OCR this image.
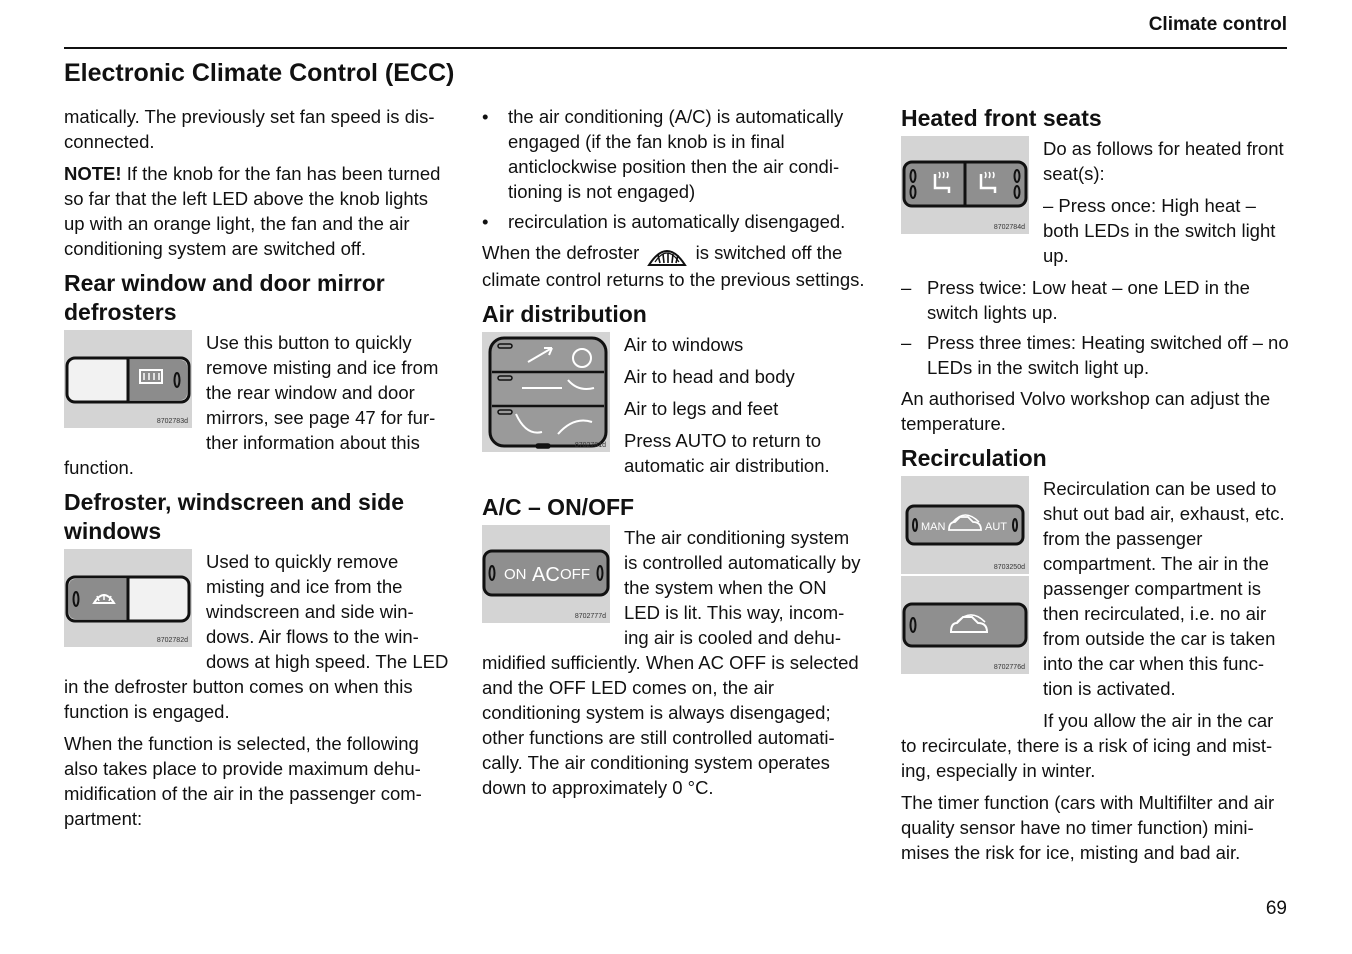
Climate control
Electronic Climate Control (ECC)

matically. The previously set fan speed is dis-connected.

NOTE! If the knob for the fan has been turned so far that the left LED above the knob lights up with an orange light, the fan and the air conditioning system are switched off.

Rear window and door mirror defrosters
8702783d
Use this button to quickly remove misting and ice from the rear window and door mirrors, see page 47 for fur-ther information about this function.
Defroster, windscreen and side windows
8702782d
Used to quickly remove misting and ice from the windscreen and side win-dows. Air flows to the win-dows at high speed. The LED in the defroster button comes on when this function is engaged.

When the function is selected, the following also takes place to provide maximum dehu-midification of the air in the passenger com-partment:

• the air conditioning (A/C) is automatically engaged (if the fan knob is in final anticlockwise position then the air condi-tioning is not engaged)
• recirculation is automatically disengaged.

When the defroster  is switched off the climate control returns to the previous settings.

Air distribution
8702781d

Air to windows

Air to head and body

Air to legs and feet

Press AUTO to return to automatic air distribution.

A/C – ON/OFF
ON AC OFF
8702777d
The air conditioning system is controlled automatically by the system when the ON LED is lit. This way, incom-ing air is cooled and dehu-midified sufficiently. When AC OFF is selected and the OFF LED comes on, the air conditioning system is always disengaged; other functions are still controlled automati-cally. The air conditioning system operates down to approximately 0 °C.
Heated front seats
8702784d

Do as follows for heated front seat(s):

– Press once: High heat – both LEDs in the switch light up.

– Press twice: Low heat – one LED in the switch lights up.
– Press three times: Heating switched off – no LEDs in the switch light up.

An authorised Volvo workshop can adjust the temperature.

Recirculation
MAN	AUT
8703250d
8702776d
Recirculation can be used to shut out bad air, exhaust, etc. from the passenger compartment. The air in the passenger compartment is then recirculated, i.e. no air from outside the car is taken into the car when this func-tion is activated.
If you allow the air in the car to recirculate, there is a risk of icing and mist-ing, especially in winter.

The timer function (cars with Multifilter and air quality sensor have no timer function) mini-mises the risk for ice, misting and bad air.

69
